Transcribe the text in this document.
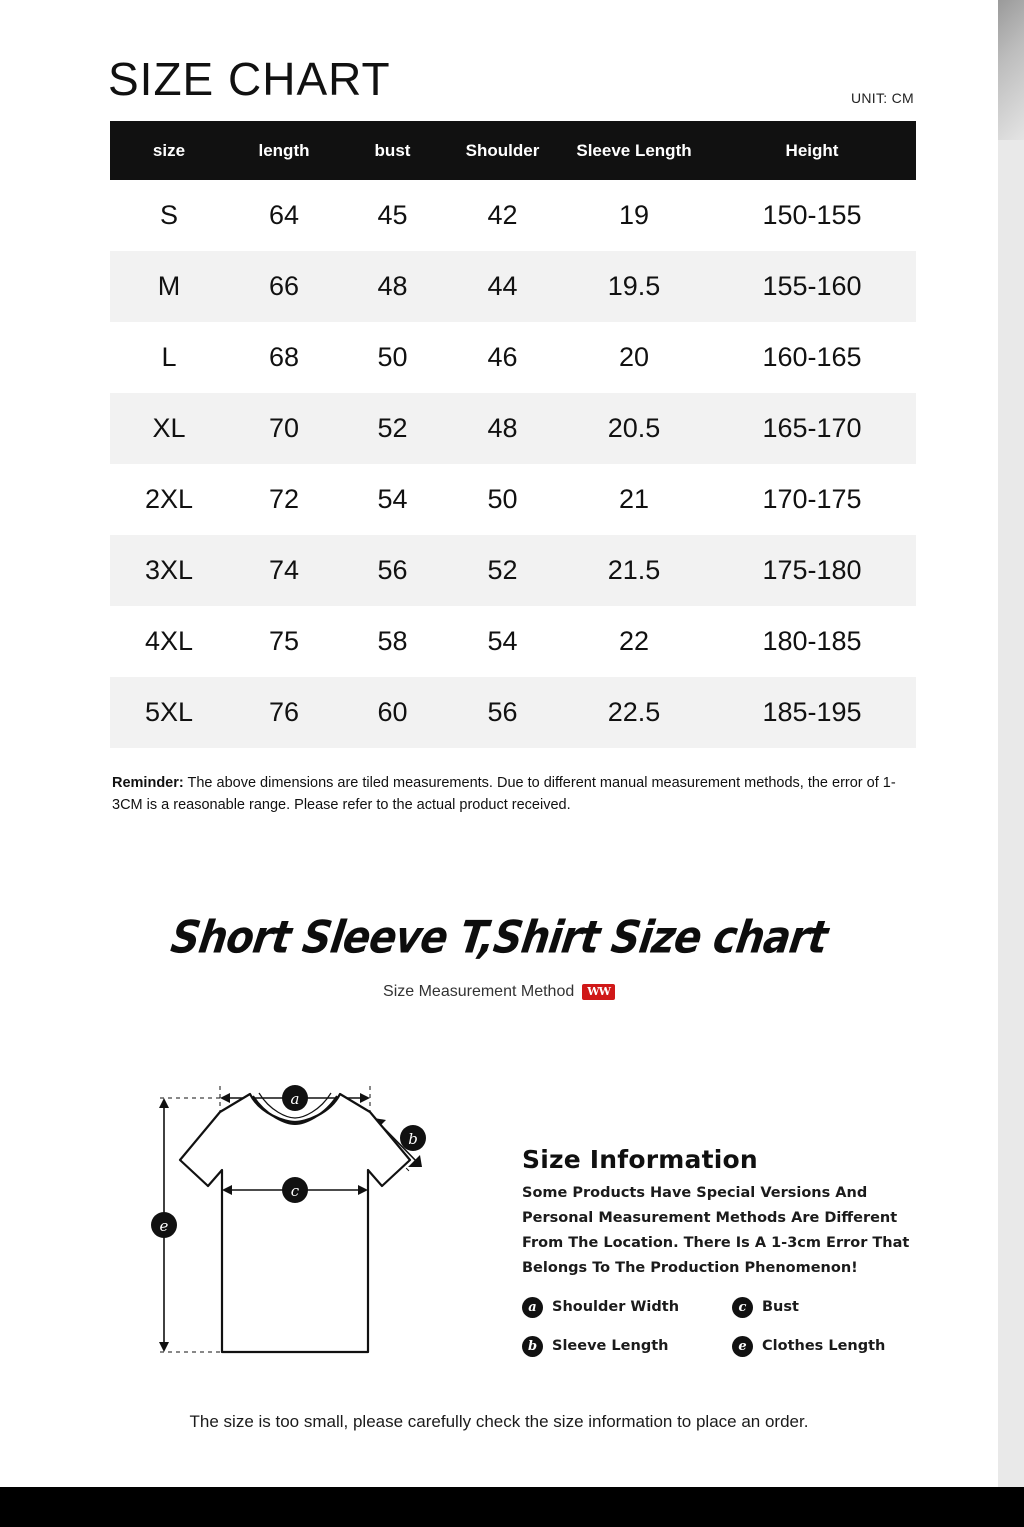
SIZE CHART	UNIT: CM
size	length	bust	Shoulder	Sleeve Length	Height
S	64	45	42	19	150-155
M	66	48	44	19.5	155-160
L	68	50	46	20	160-165
XL	70	52	48	20.5	165-170
2XL	72	54	50	21	170-175
3XL	74	56	52	21.5	175-180
4XL	75	58	54	22	180-185
5XL	76	60	56	22.5	185-195
Reminder: The above dimensions are tiled measurements. Due to different manual measurement methods, the error of 1-3CM is a reasonable range. Please refer to the actual product received.
Short Sleeve T,Shirt Size chart
Size Measurement Method	WW
a
e
b
c
Size Information
Some Products Have Special Versions And Personal Measurement Methods Are Different From The Location. There Is A 1-3cm Error That Belongs To The Production Phenomenon!
a	Shoulder Width	c	Bust
b	Sleeve Length	e	Clothes Length
The size is too small, please carefully check the size information to place an order.
